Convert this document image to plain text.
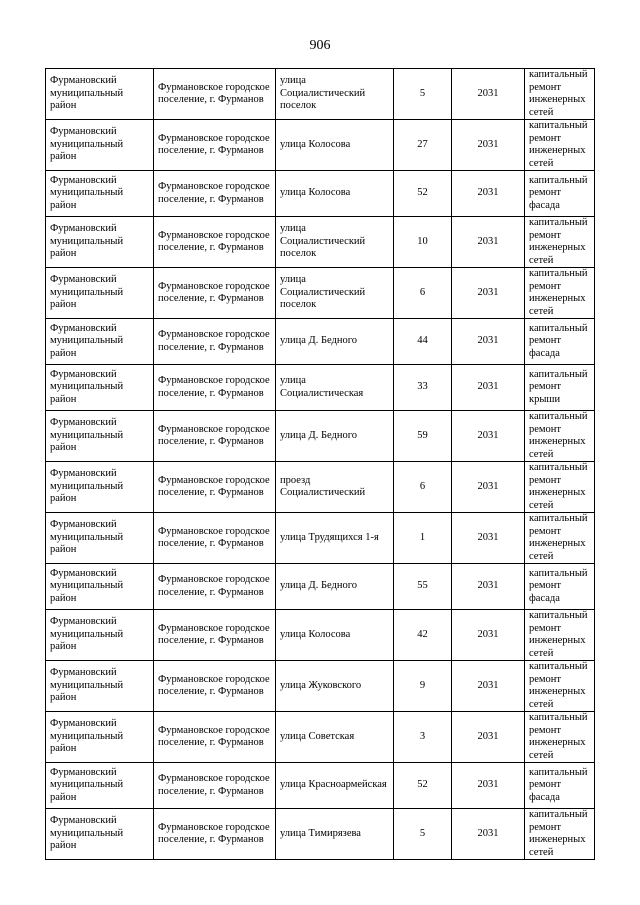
906
Фурмановский муниципальный район	Фурмановское городское поселение, г. Фурманов	улица Социалистический поселок	5	2031	капитальный ремонт инженерных сетей
Фурмановский муниципальный район	Фурмановское городское поселение, г. Фурманов	улица Колосова	27	2031	капитальный ремонт инженерных сетей
Фурмановский муниципальный район	Фурмановское городское поселение, г. Фурманов	улица Колосова	52	2031	капитальный ремонт фасада
Фурмановский муниципальный район	Фурмановское городское поселение, г. Фурманов	улица Социалистический поселок	10	2031	капитальный ремонт инженерных сетей
Фурмановский муниципальный район	Фурмановское городское поселение, г. Фурманов	улица Социалистический поселок	6	2031	капитальный ремонт инженерных сетей
Фурмановский муниципальный район	Фурмановское городское поселение, г. Фурманов	улица Д. Бедного	44	2031	капитальный ремонт фасада
Фурмановский муниципальный район	Фурмановское городское поселение, г. Фурманов	улица Социалистическая	33	2031	капитальный ремонт крыши
Фурмановский муниципальный район	Фурмановское городское поселение, г. Фурманов	улица Д. Бедного	59	2031	капитальный ремонт инженерных сетей
Фурмановский муниципальный район	Фурмановское городское поселение, г. Фурманов	проезд Социалистический	6	2031	капитальный ремонт инженерных сетей
Фурмановский муниципальный район	Фурмановское городское поселение, г. Фурманов	улица Трудящихся 1-я	1	2031	капитальный ремонт инженерных сетей
Фурмановский муниципальный район	Фурмановское городское поселение, г. Фурманов	улица Д. Бедного	55	2031	капитальный ремонт фасада
Фурмановский муниципальный район	Фурмановское городское поселение, г. Фурманов	улица Колосова	42	2031	капитальный ремонт инженерных сетей
Фурмановский муниципальный район	Фурмановское городское поселение, г. Фурманов	улица Жуковского	9	2031	капитальный ремонт инженерных сетей
Фурмановский муниципальный район	Фурмановское городское поселение, г. Фурманов	улица Советская	3	2031	капитальный ремонт инженерных сетей
Фурмановский муниципальный район	Фурмановское городское поселение, г. Фурманов	улица Красноармейская	52	2031	капитальный ремонт фасада
Фурмановский муниципальный район	Фурмановское городское поселение, г. Фурманов	улица Тимирязева	5	2031	капитальный ремонт инженерных сетей
